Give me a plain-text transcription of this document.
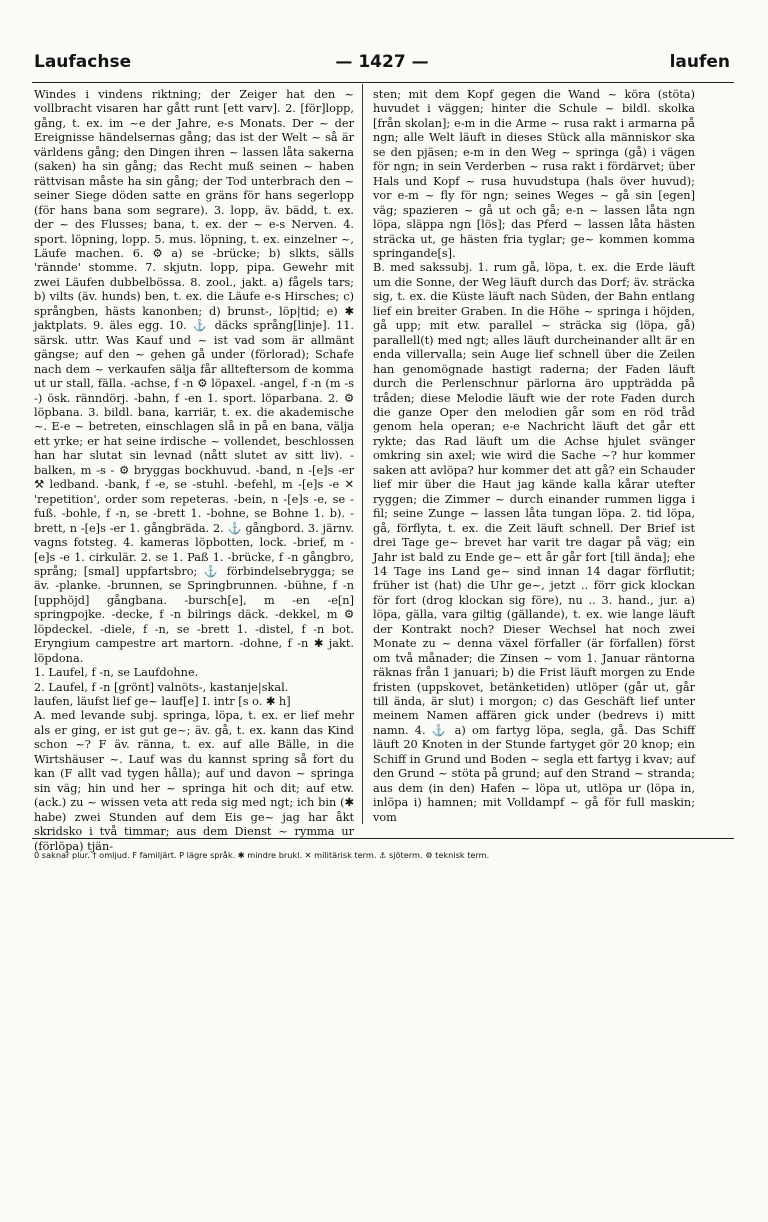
Laufachse	— 1427 —	laufen

Windes i vindens riktning; der Zeiger hat den ~ vollbracht visaren har gått runt [ett varv]. 2. [för]lopp, gång, t. ex. im ~e der Jahre, e-s Monats. Der ~ der Ereignisse händelsernas gång; das ist der Welt ~ så är världens gång; den Dingen ihren ~ lassen låta sakerna (saken) ha sin gång; das Recht muß seinen ~ haben rättvisan måste ha sin gång; der Tod unterbrach den ~ seiner Siege döden satte en gräns för hans segerlopp (för hans bana som segrare). 3. lopp, äv. bädd, t. ex. der ~ des Flusses; bana, t. ex. der ~ e-s Nerven. 4. sport. löpning, lopp. 5. mus. löpning, t. ex. einzelner ~, Läufe machen. 6. ⚙ a) se -brücke; b) slkts, sälls 'rännde' stomme. 7. skjutn. lopp, pipa. Gewehr mit zwei Läufen dubbelbössa. 8. zool., jakt. a) fågels tars; b) vilts (äv. hunds) ben, t. ex. die Läufe e-s Hirsches; c) språngben, hästs kanonben; d) brunst-, löp|tid; e) ✱ jaktplats. 9. äles egg. 10. ⚓ däcks språng[linje]. 11. särsk. uttr. Was Kauf und ~ ist vad som är allmänt gängse; auf den ~ gehen gå under (förlorad); Schafe nach dem ~ verkaufen sälja får allteftersom de komma ut ur stall, fälla. -achse, f -n ⚙ löpaxel. -angel, f -n (m -s -) ösk. ränndörj. -bahn, f -en 1. sport. löparbana. 2. ⚙ löpbana. 3. bildl. bana, karriär, t. ex. die akademische ~. E-e ~ betreten, einschlagen slå in på en bana, välja ett yrke; er hat seine irdische ~ vollendet, beschlossen han har slutat sin levnad (nått slutet av sitt liv). -balken, m -s - ⚙ bryggas bockhuvud. -band, n -[e]s -er ⚒ ledband. -bank, f -e, se -stuhl. -befehl, m -[e]s -e ✕ 'repetition', order som repeteras. -bein, n -[e]s -e, se -fuß. -bohle, f -n, se -brett 1. -bohne, se Bohne 1. b). -brett, n -[e]s -er 1. gångbräda. 2. ⚓ gångbord. 3. järnv. vagns fotsteg. 4. kameras löpbotten, lock. -brief, m -[e]s -e 1. cirkulär. 2. se 1. Paß 1. -brücke, f -n gångbro, språng; [smal] uppfartsbro; ⚓ förbindelsebrygga; se äv. -planke. -brunnen, se Springbrunnen. -bühne, f -n [upphöjd] gångbana. -bursch[e], m -en -e[n] springpojke. -decke, f -n bilrings däck. -dekkel, m ⚙ löpdeckel. -diele, f -n, se -brett 1. -distel, f -n bot. Eryngium campestre art martorn. -dohne, f -n ✱ jakt. löpdona.

1. Laufel, f -n, se Laufdohne.

2. Laufel, f -n [grönt] valnöts-, kastanje|skal.

laufen, läufst lief ge~ lauf[e] I. intr [s o. ✱ h]

A. med levande subj. springa, löpa, t. ex. er lief mehr als er ging, er ist gut ge~; äv. gå, t. ex. kann das Kind schon ~? F äv. ränna, t. ex. auf alle Bälle, in die Wirtshäuser ~. Lauf was du kannst spring så fort du kan (F allt vad tygen hålla); auf und davon ~ springa sin väg; hin und her ~ springa hit och dit; auf etw. (ack.) zu ~ wissen veta att reda sig med ngt; ich bin (✱ habe) zwei Stunden auf dem Eis ge~ jag har åkt skridsko i två timmar; aus dem Dienst ~ rymma ur (förlöpa) tjän-

sten; mit dem Kopf gegen die Wand ~ köra (stöta) huvudet i väggen; hinter die Schule ~ bildl. skolka [från skolan]; e-m in die Arme ~ rusa rakt i armarna på ngn; alle Welt läuft in dieses Stück alla människor ska se den pjäsen; e-m in den Weg ~ springa (gå) i vägen för ngn; in sein Verderben ~ rusa rakt i fördärvet; über Hals und Kopf ~ rusa huvudstupa (hals över huvud); vor e-m ~ fly för ngn; seines Weges ~ gå sin [egen] väg; spazieren ~ gå ut och gå; e-n ~ lassen låta ngn löpa, släppa ngn [lös]; das Pferd ~ lassen låta hästen sträcka ut, ge hästen fria tyglar; ge~ kommen komma springande[s].

B. med sakssubj. 1. rum gå, löpa, t. ex. die Erde läuft um die Sonne, der Weg läuft durch das Dorf; äv. sträcka sig, t. ex. die Küste läuft nach Süden, der Bahn entlang lief ein breiter Graben. In die Höhe ~ springa i höjden, gå upp; mit etw. parallel ~ sträcka sig (löpa, gå) parallell(t) med ngt; alles läuft durcheinander allt är en enda villervalla; sein Auge lief schnell über die Zeilen han genomögnade hastigt raderna; der Faden läuft durch die Perlenschnur pärlorna äro uppträdda på tråden; diese Melodie läuft wie der rote Faden durch die ganze Oper den melodien går som en röd tråd genom hela operan; e-e Nachricht läuft det går ett rykte; das Rad läuft um die Achse hjulet svänger omkring sin axel; wie wird die Sache ~? hur kommer saken att avlöpa? hur kommer det att gå? ein Schauder lief mir über die Haut jag kände kalla kårar utefter ryggen; die Zimmer ~ durch einander rummen ligga i fil; seine Zunge ~ lassen låta tungan löpa. 2. tid löpa, gå, förflyta, t. ex. die Zeit läuft schnell. Der Brief ist drei Tage ge~ brevet har varit tre dagar på väg; ein Jahr ist bald zu Ende ge~ ett år går fort [till ända]; ehe 14 Tage ins Land ge~ sind innan 14 dagar förflutit; früher ist (hat) die Uhr ge~, jetzt .. förr gick klockan för fort (drog klockan sig före), nu .. 3. hand., jur. a) löpa, gälla, vara giltig (gällande), t. ex. wie lange läuft der Kontrakt noch? Dieser Wechsel hat noch zwei Monate zu ~ denna växel förfaller (är förfallen) först om två månader; die Zinsen ~ vom 1. Januar räntorna räknas från 1 januari; b) die Frist läuft morgen zu Ende fristen (uppskovet, betänketiden) utlöper (går ut, går till ända, är slut) i morgon; c) das Geschäft lief unter meinem Namen affären gick under (bedrevs i) mitt namn. 4. ⚓ a) om fartyg löpa, segla, gå. Das Schiff läuft 20 Knoten in der Stunde fartyget gör 20 knop; ein Schiff in Grund und Boden ~ segla ett fartyg i kvav; auf den Grund ~ stöta på grund; auf den Strand ~ stranda; aus dem (in den) Hafen ~ löpa ut, utlöpa ur (löpa in, inlöpa i) hamnen; mit Volldampf ~ gå för full maskin; vom

0 saknar plur. † omljud. F familjärt. P lägre språk. ✱ mindre brukl. ✕ militärisk term. ⚓ sjöterm. ⚙ teknisk term.
